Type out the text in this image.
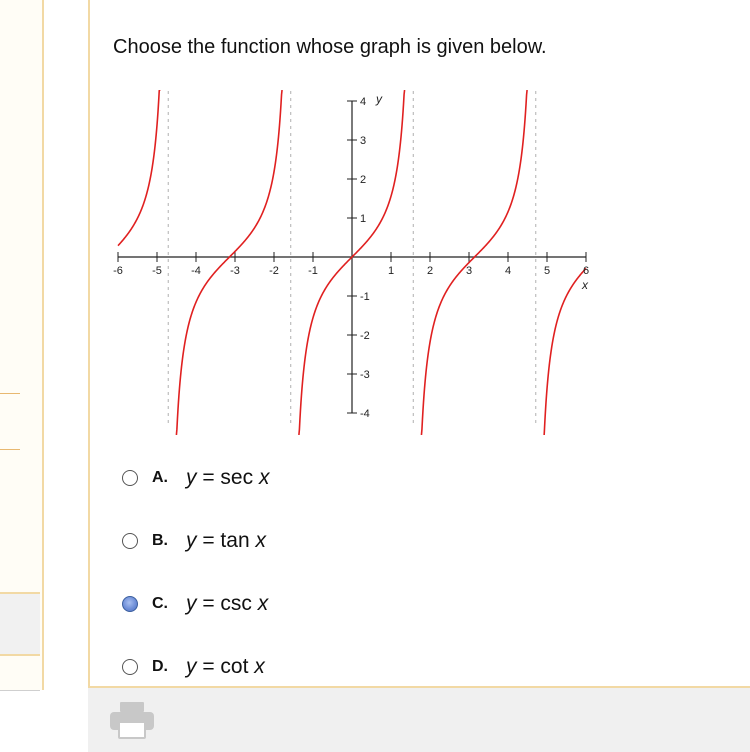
Choose the function whose graph is given below.
-6	-5	-4	-3	-2	-1	1	2	3	4	5	6
4
3
2
1
-1
-2
-3
-4
x
y
A. y = sec x
B. y = tan x
C. y = csc x
D. y = cot x
